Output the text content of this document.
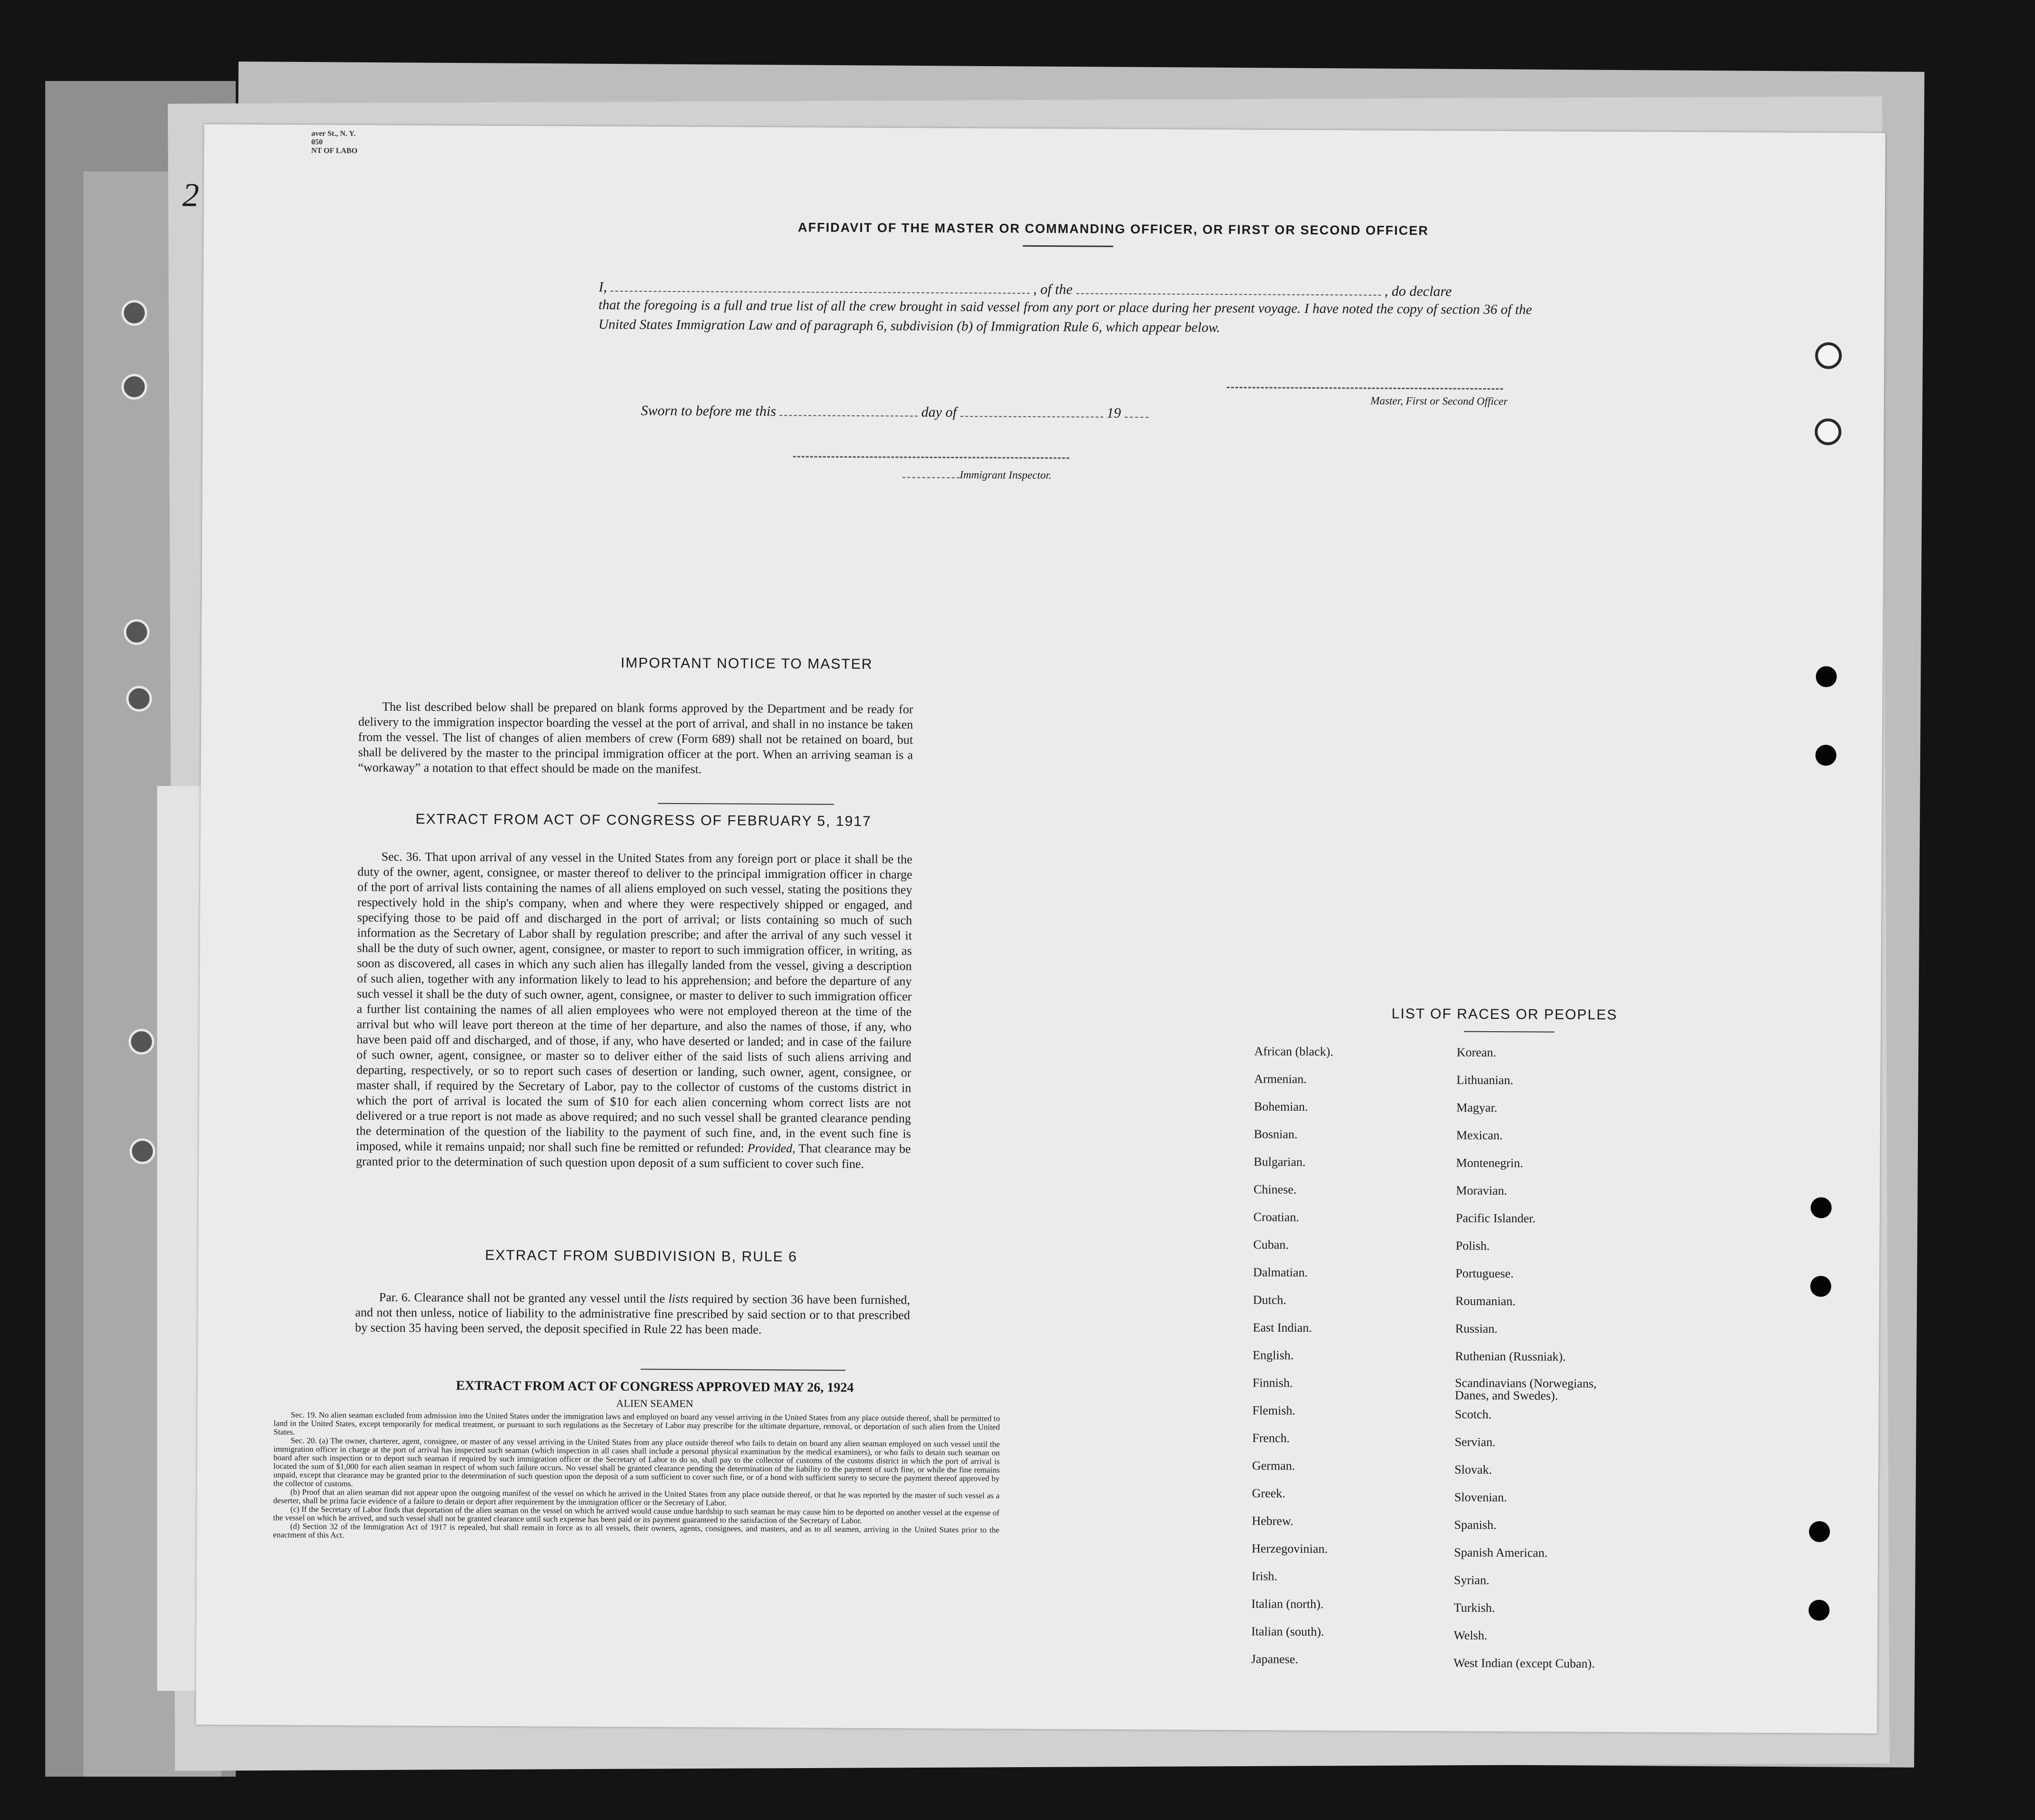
aver St., N. Y.
050
NT OF LABO
2
AFFIDAVIT OF THE MASTER OR COMMANDING OFFICER, OR FIRST OR SECOND OFFICER
I,	, of the	, do declare
that the foregoing is a full and true list of all the crew brought in said vessel from any port or place during her present voyage. I have noted the copy of section 36 of the United States Immigration Law and of paragraph 6, subdivision (b) of Immigration Rule 6, which appear below.
Master, First or Second Officer
Sworn to before me this	day of	19
Immigrant Inspector.
IMPORTANT NOTICE TO MASTER
The list described below shall be prepared on blank forms approved by the Department and be ready for delivery to the immigration inspector boarding the vessel at the port of arrival, and shall in no instance be taken from the vessel. The list of changes of alien members of crew (Form 689) shall not be retained on board, but shall be delivered by the master to the principal immigration officer at the port. When an arriving seaman is a “workaway” a notation to that effect should be made on the manifest.
EXTRACT FROM ACT OF CONGRESS OF FEBRUARY 5, 1917
Sec. 36. That upon arrival of any vessel in the United States from any foreign port or place it shall be the duty of the owner, agent, consignee, or master thereof to deliver to the principal immigration officer in charge of the port of arrival lists containing the names of all aliens employed on such vessel, stating the positions they respectively hold in the ship's company, when and where they were respectively shipped or engaged, and specifying those to be paid off and discharged in the port of arrival; or lists containing so much of such information as the Secretary of Labor shall by regulation prescribe; and after the arrival of any such vessel it shall be the duty of such owner, agent, consignee, or master to report to such immigration officer, in writing, as soon as discovered, all cases in which any such alien has illegally landed from the vessel, giving a description of such alien, together with any information likely to lead to his apprehension; and before the departure of any such vessel it shall be the duty of such owner, agent, consignee, or master to deliver to such immigration officer a further list containing the names of all alien employees who were not employed thereon at the time of the arrival but who will leave port thereon at the time of her departure, and also the names of those, if any, who have been paid off and discharged, and of those, if any, who have deserted or landed; and in case of the failure of such owner, agent, consignee, or master so to deliver either of the said lists of such aliens arriving and departing, respectively, or so to report such cases of desertion or landing, such owner, agent, consignee, or master shall, if required by the Secretary of Labor, pay to the collector of customs of the customs district in which the port of arrival is located the sum of $10 for each alien concerning whom correct lists are not delivered or a true report is not made as above required; and no such vessel shall be granted clearance pending the determination of the question of the liability to the payment of such fine, and, in the event such fine is imposed, while it remains unpaid; nor shall such fine be remitted or refunded: Provided, That clearance may be granted prior to the determination of such question upon deposit of a sum sufficient to cover such fine.
EXTRACT FROM SUBDIVISION B, RULE 6
Par. 6. Clearance shall not be granted any vessel until the lists required by section 36 have been furnished, and not then unless, notice of liability to the administrative fine prescribed by said section or to that prescribed by section 35 having been served, the deposit specified in Rule 22 has been made.
EXTRACT FROM ACT OF CONGRESS APPROVED MAY 26, 1924
ALIEN SEAMEN
Sec. 19. No alien seaman excluded from admission into the United States under the immigration laws and employed on board any vessel arriving in the United States from any place outside thereof, shall be permitted to land in the United States, except temporarily for medical treatment, or pursuant to such regulations as the Secretary of Labor may prescribe for the ultimate departure, removal, or deportation of such alien from the United States.
Sec. 20. (a) The owner, charterer, agent, consignee, or master of any vessel arriving in the United States from any place outside thereof who fails to detain on board any alien seaman employed on such vessel until the immigration officer in charge at the port of arrival has inspected such seaman (which inspection in all cases shall include a personal physical examination by the medical examiners), or who fails to detain such seaman on board after such inspection or to deport such seaman if required by such immigration officer or the Secretary of Labor to do so, shall pay to the collector of customs of the customs district in which the port of arrival is located the sum of $1,000 for each alien seaman in respect of whom such failure occurs. No vessel shall be granted clearance pending the determination of the liability to the payment of such fine, or while the fine remains unpaid, except that clearance may be granted prior to the determination of such question upon the deposit of a sum sufficient to cover such fine, or of a bond with sufficient surety to secure the payment thereof approved by the collector of customs.
(b) Proof that an alien seaman did not appear upon the outgoing manifest of the vessel on which he arrived in the United States from any place outside thereof, or that he was reported by the master of such vessel as a deserter, shall be prima facie evidence of a failure to detain or deport after requirement by the immigration officer or the Secretary of Labor.
(c) If the Secretary of Labor finds that deportation of the alien seaman on the vessel on which he arrived would cause undue hardship to such seaman he may cause him to be deported on another vessel at the expense of the vessel on which he arrived, and such vessel shall not be granted clearance until such expense has been paid or its payment guaranteed to the satisfaction of the Secretary of Labor.
(d) Section 32 of the Immigration Act of 1917 is repealed, but shall remain in force as to all vessels, their owners, agents, consignees, and masters, and as to all seamen, arriving in the United States prior to the enactment of this Act.
LIST OF RACES OR PEOPLES
African (black).
Armenian.
Bohemian.
Bosnian.
Bulgarian.
Chinese.
Croatian.
Cuban.
Dalmatian.
Dutch.
East Indian.
English.
Finnish.
Flemish.
French.
German.
Greek.
Hebrew.
Herzegovinian.
Irish.
Italian (north).
Italian (south).
Japanese.
Korean.
Lithuanian.
Magyar.
Mexican.
Montenegrin.
Moravian.
Pacific Islander.
Polish.
Portuguese.
Roumanian.
Russian.
Ruthenian (Russniak).
Scandinavians (Norwegians, Danes, and Swedes).
Scotch.
Servian.
Slovak.
Slovenian.
Spanish.
Spanish American.
Syrian.
Turkish.
Welsh.
West Indian (except Cuban).
